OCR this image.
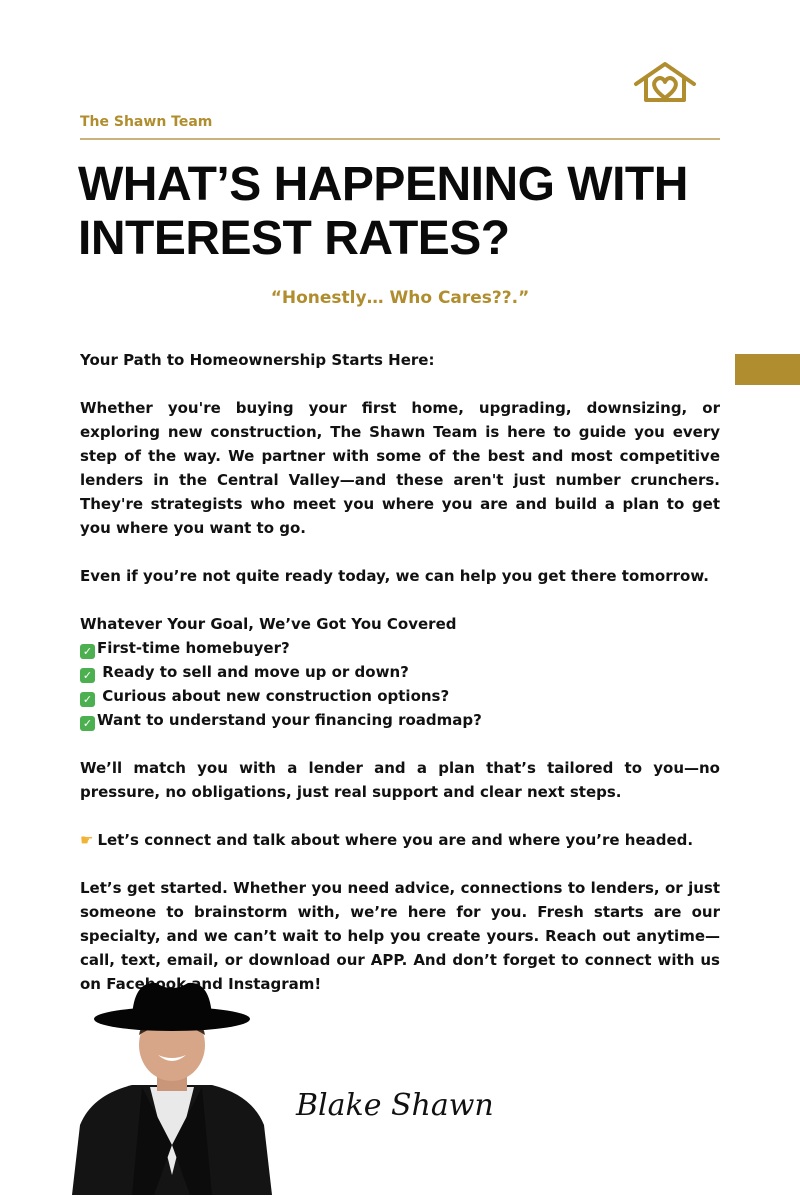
The Shawn Team
WHAT’S HAPPENING WITH
INTEREST RATES?
“Honestly… Who Cares??.”

Your Path to Homeownership Starts Here:

Whether you're buying your first home, upgrading, downsizing, or exploring new construction, The Shawn Team is here to guide you every step of the way. We partner with some of the best and most competitive lenders in the Central Valley—and these aren't just number crunchers. They're strategists who meet you where you are and build a plan to get you where you want to go.

Even if you’re not quite ready today, we can help you get there tomorrow.

Whatever Your Goal, We’ve Got You Covered
✓ First-time homebuyer?
✓ Ready to sell and move up or down?
✓ Curious about new construction options?
✓ Want to understand your financing roadmap?

We’ll match you with a lender and a plan that’s tailored to you—no pressure, no obligations, just real support and clear next steps.

☛ Let’s connect and talk about where you are and where you’re headed.

Let’s get started. Whether you need advice, connections to lenders, or just someone to brainstorm with, we’re here for you. Fresh starts are our specialty, and we can’t wait to help you create yours. Reach out anytime—call, text, email, or download our APP. And don’t forget to connect with us on Facebook and Instagram!

Blake Shawn
